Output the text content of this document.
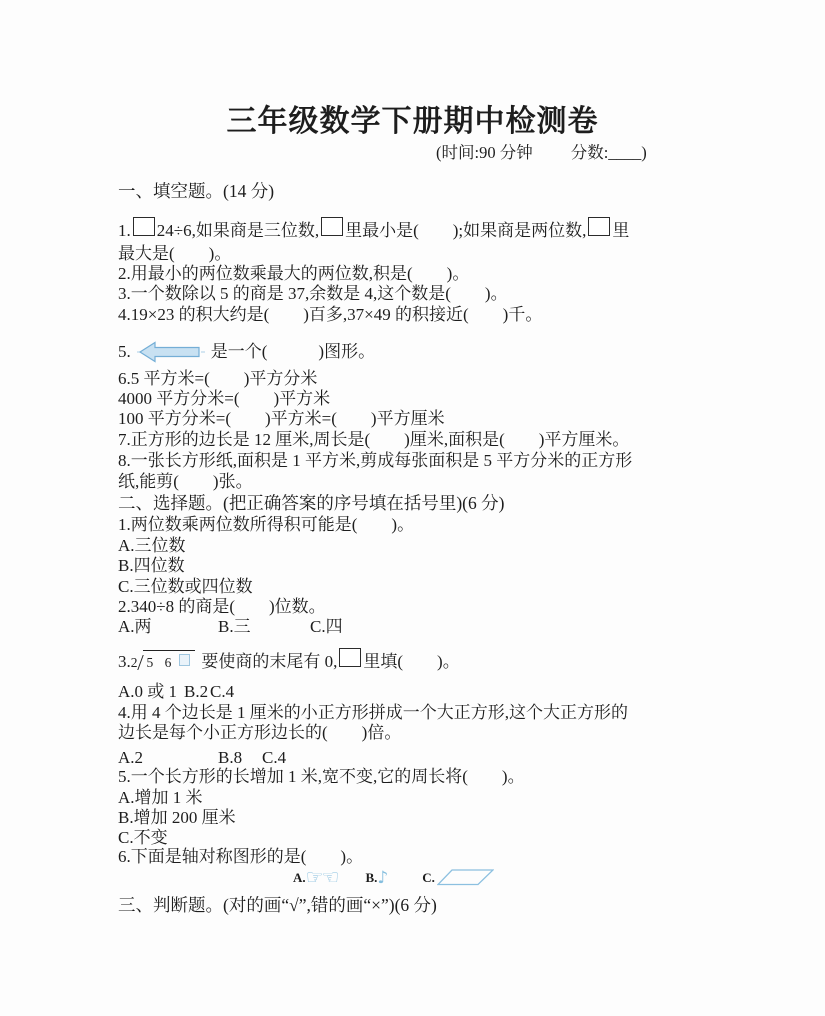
三年级数学下册期中检测卷
(时间:90 分钟 分数:____)
一、填空题。(14 分)
1. 24÷6,如果商是三位数, 里最小是(　　);如果商是两位数, 里
最大是(　　)。
2.用最小的两位数乘最大的两位数,积是(　　)。
3.一个数除以 5 的商是 37,余数是 4,这个数是(　　)。
4.19×23 的积大约是(　　)百多,37×49 的积接近(　　)千。
5.	是一个(　　　)图形。
6.5 平方米=(　　)平方分米
4000 平方分米=(　　)平方米
100 平方分米=(　　)平方米=(　　)平方厘米
7.正方形的边长是 12 厘米,周长是(　　)厘米,面积是(　　)平方厘米。
8.一张长方形纸,面积是 1 平方米,剪成每张面积是 5 平方分米的正方形
纸,能剪(　　)张。
二、选择题。(把正确答案的序号填在括号里)(6 分)
1.两位数乘两位数所得积可能是(　　)。
A.三位数
B.四位数
C.三位数或四位数
2.340÷8 的商是(　　)位数。
A.两	B.三	C.四
3.2 5 6 要使商的末尾有 0, 里填(　　)。
A.0 或 1 B.2 C.4
4.用 4 个边长是 1 厘米的小正方形拼成一个大正方形,这个大正方形的
边长是每个小正方形边长的(　　)倍。
A.2	B.8 C.4
5.一个长方形的长增加 1 米,宽不变,它的周长将(　　)。
A.增加 1 米
B.增加 200 厘米
C.不变
6.下面是轴对称图形的是(　　)。
A.☞☜ B.♪	C.
三、判断题。(对的画“√”,错的画“×”)(6 分)
